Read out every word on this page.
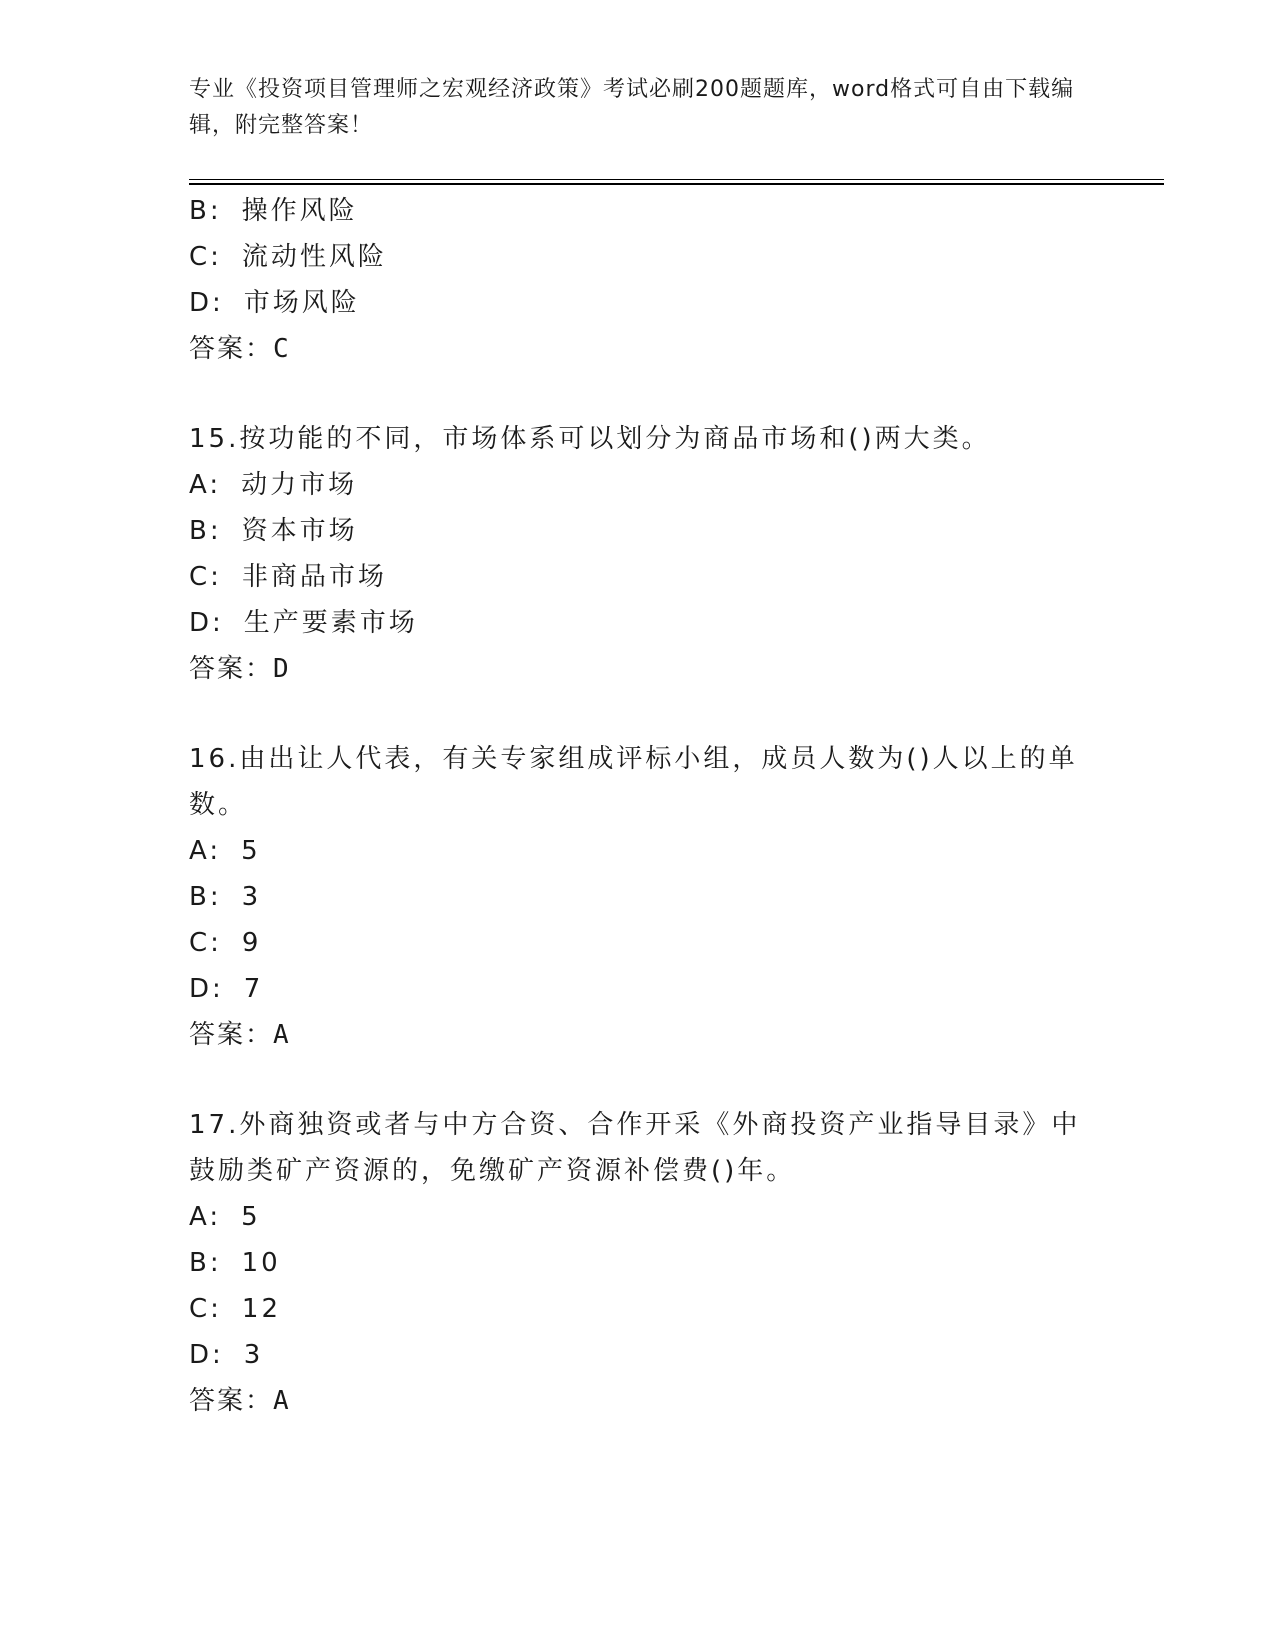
专业《投资项目管理师之宏观经济政策》考试必刷200题题库，word格式可自由下载编辑，附完整答案！
B: 操作风险
C: 流动性风险
D: 市场风险
答案：C
15.按功能的不同，市场体系可以划分为商品市场和()两大类。
A: 动力市场
B: 资本市场
C: 非商品市场
D: 生产要素市场
答案：D
16.由出让人代表，有关专家组成评标小组，成员人数为()人以上的单数。
A: 5
B: 3
C: 9
D: 7
答案：A
17.外商独资或者与中方合资、合作开采《外商投资产业指导目录》中鼓励类矿产资源的，免缴矿产资源补偿费()年。
A: 5
B: 10
C: 12
D: 3
答案：A
